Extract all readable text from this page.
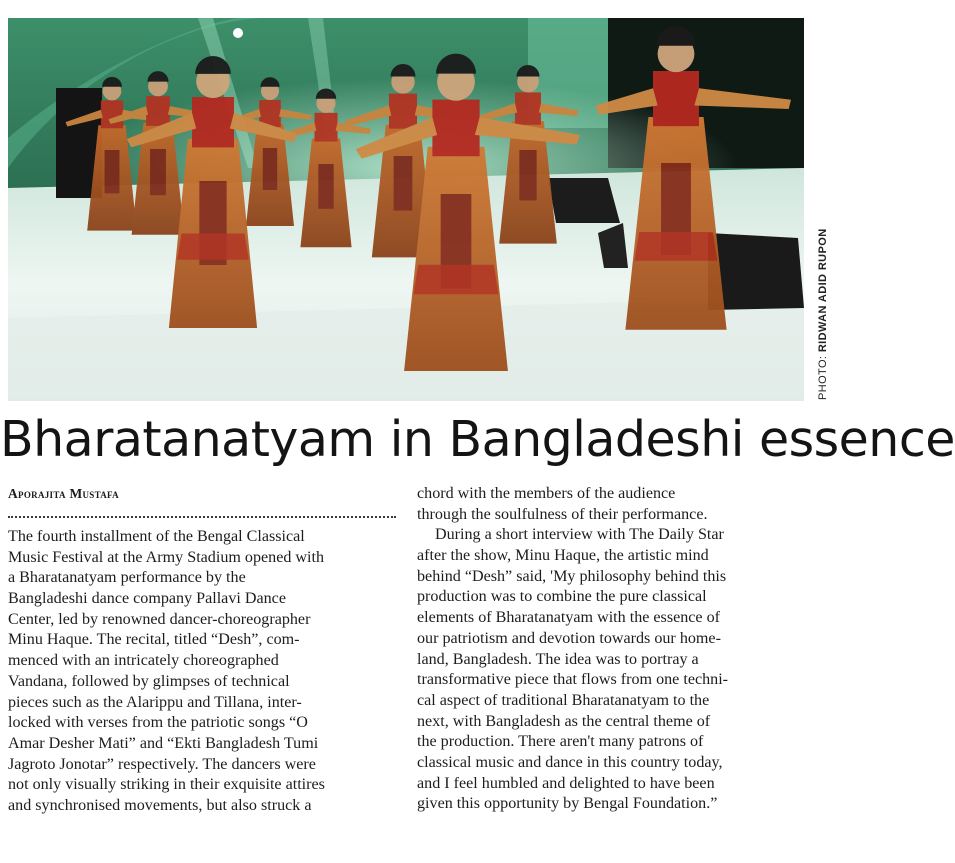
PHOTO: RIDWAN ADID RUPON
Bharatanatyam in Bangladeshi essence
Aporajita Mustafa
The fourth installment of the Bengal Classical
Music Festival at the Army Stadium opened with
a Bharatanatyam performance by the
Bangladeshi dance company Pallavi Dance
Center, led by renowned dancer-choreographer
Minu Haque. The recital, titled “Desh”, com-
menced with an intricately choreographed
Vandana, followed by glimpses of technical
pieces such as the Alarippu and Tillana, inter-
locked with verses from the patriotic songs “O
Amar Desher Mati” and “Ekti Bangladesh Tumi
Jagroto Jonotar” respectively. The dancers were
not only visually striking in their exquisite attires
and synchronised movements, but also struck a
chord with the members of the audience
through the soulfulness of their performance.
During a short interview with The Daily Star
after the show, Minu Haque, the artistic mind
behind “Desh” said, 'My philosophy behind this
production was to combine the pure classical
elements of Bharatanatyam with the essence of
our patriotism and devotion towards our home-
land, Bangladesh. The idea was to portray a
transformative piece that flows from one techni-
cal aspect of traditional Bharatanatyam to the
next, with Bangladesh as the central theme of
the production. There aren't many patrons of
classical music and dance in this country today,
and I feel humbled and delighted to have been
given this opportunity by Bengal Foundation.”
